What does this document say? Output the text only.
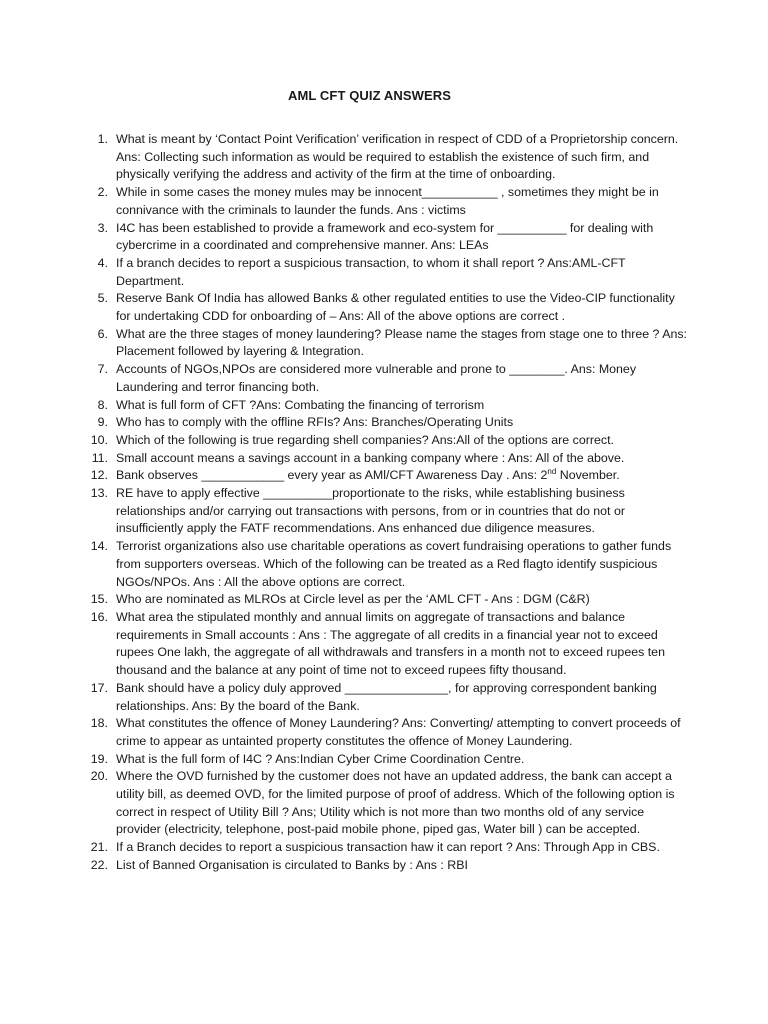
AML CFT QUIZ ANSWERS
1. What is meant by ‘Contact Point Verification’ verification in respect of CDD of a Proprietorship concern. Ans: Collecting such information as would be required to establish the existence of such firm, and physically verifying the address and activity of the firm at the time of onboarding.
2. While in some cases the money mules may be innocent___________ , sometimes they might be in connivance with the criminals to launder the funds. Ans : victims
3. I4C has been established to provide a framework and eco-system for __________ for dealing with cybercrime in a coordinated and comprehensive manner. Ans: LEAs
4. If a branch decides to report a suspicious transaction, to whom it shall report ? Ans:AML-CFT Department.
5. Reserve Bank Of India has allowed Banks & other regulated entities to use the Video-CIP functionality for undertaking CDD for onboarding of – Ans: All of the above options are correct .
6. What are the three stages of money laundering? Please name the stages from stage one to three ? Ans: Placement followed by layering & Integration.
7. Accounts of NGOs,NPOs are considered more vulnerable and prone to ________. Ans: Money Laundering and terror financing both.
8. What is full form of CFT ?Ans: Combating the financing of terrorism
9. Who has to comply with the offline RFIs? Ans: Branches/Operating Units
10. Which of the following is true regarding shell companies? Ans:All of the options are correct.
11. Small account means a savings account in a banking company where : Ans: All of the above.
12. Bank observes ____________ every year as AMl/CFT Awareness Day . Ans: 2nd November.
13. RE have to apply effective __________proportionate to the risks, while establishing business relationships and/or carrying out transactions with persons, from or in countries that do not or insufficiently apply the FATF recommendations. Ans enhanced due diligence measures.
14. Terrorist organizations also use charitable operations as covert fundraising operations to gather funds from supporters overseas. Which of the following can be treated as a Red flagto identify suspicious NGOs/NPOs. Ans : All the above options are correct.
15. Who are nominated as MLROs at Circle level as per the ‘AML CFT - Ans : DGM (C&R)
16. What area the stipulated monthly and annual limits on aggregate of transactions and balance requirements in Small accounts : Ans : The aggregate of all credits in a financial year not to exceed rupees One lakh, the aggregate of all withdrawals and transfers in a month not to exceed rupees ten thousand and the balance at any point of time not to exceed rupees fifty thousand.
17. Bank should have a policy duly approved _______________, for approving correspondent banking relationships. Ans: By the board of the Bank.
18. What constitutes the offence of Money Laundering? Ans: Converting/ attempting to convert proceeds of crime to appear as untainted property constitutes the offence of Money Laundering.
19. What is the full form of I4C ? Ans:Indian Cyber Crime Coordination Centre.
20. Where the OVD furnished by the customer does not have an updated address, the bank can accept a utility bill, as deemed OVD, for the limited purpose of proof of address. Which of the following option is correct in respect of Utility Bill ? Ans; Utility which is not more than two months old of any service provider (electricity, telephone, post-paid mobile phone, piped gas, Water bill ) can be accepted.
21. If a Branch decides to report a suspicious transaction haw it can report ? Ans: Through App in CBS.
22. List of Banned Organisation is circulated to Banks by : Ans : RBI
